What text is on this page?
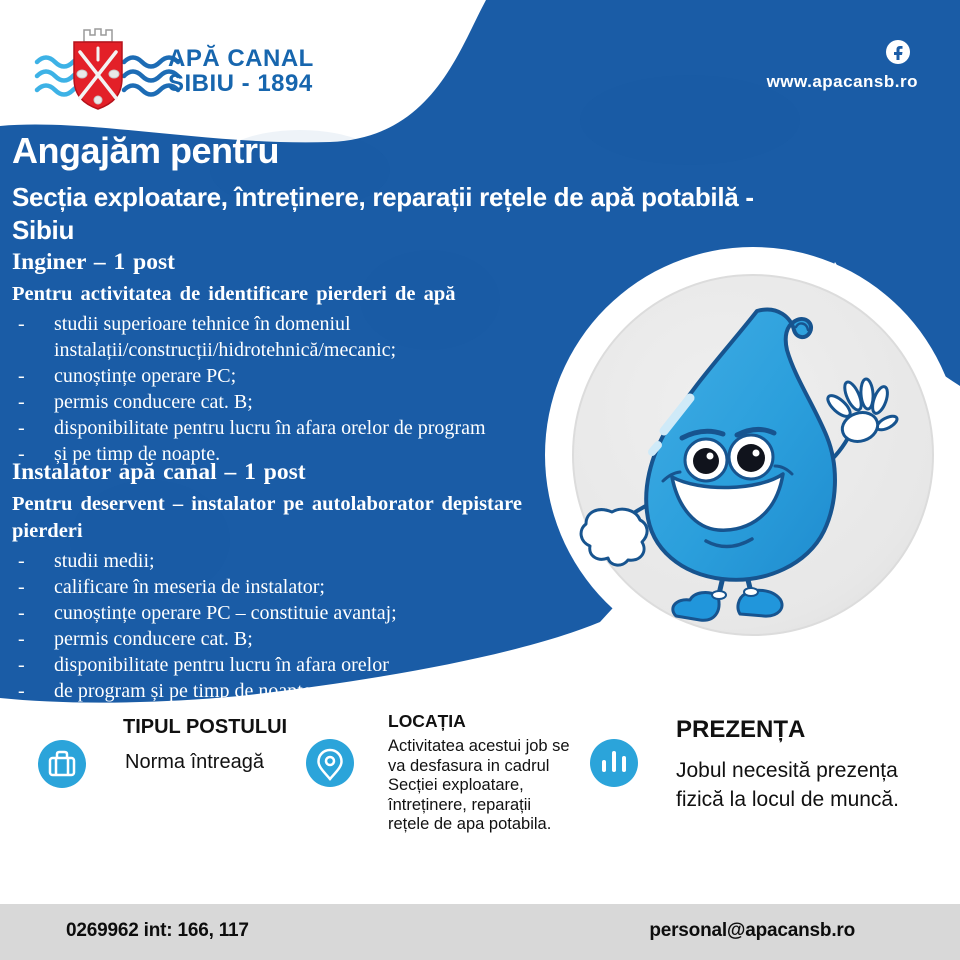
APĂ CANAL
SIBIU - 1894	www.apacansb.ro
Angajăm pentru
Secția exploatare, întreținere, reparații rețele de apă potabilă - Sibiu
Inginer – 1 post
Pentru activitatea de identificare pierderi de apă
-	studii superioare tehnice în domeniul
instalații/construcții/hidrotehnică/mecanic;
-	cunoștințe operare PC;
-	permis conducere cat. B;
-	disponibilitate pentru lucru în afara orelor de program
-	și pe timp de noapte.
Instalator apă canal – 1 post
Pentru deservent – instalator pe autolaborator depistare
pierderi
-	studii medii;
-	calificare în meseria de instalator;
-	cunoștințe operare PC – constituie avantaj;
-	permis conducere cat. B;
-	disponibilitate pentru lucru în afara orelor
-	de program și pe timp de noapte.
TIPUL POSTULUI
Norma întreagă
LOCAȚIA
Activitatea acestui job se va desfasura in cadrul Secției exploatare, întreținere, reparații rețele de apa potabila.
PREZENȚA
Jobul necesită prezența fizică la locul de muncă.
0269962 int: 166, 117	personal@apacansb.ro
